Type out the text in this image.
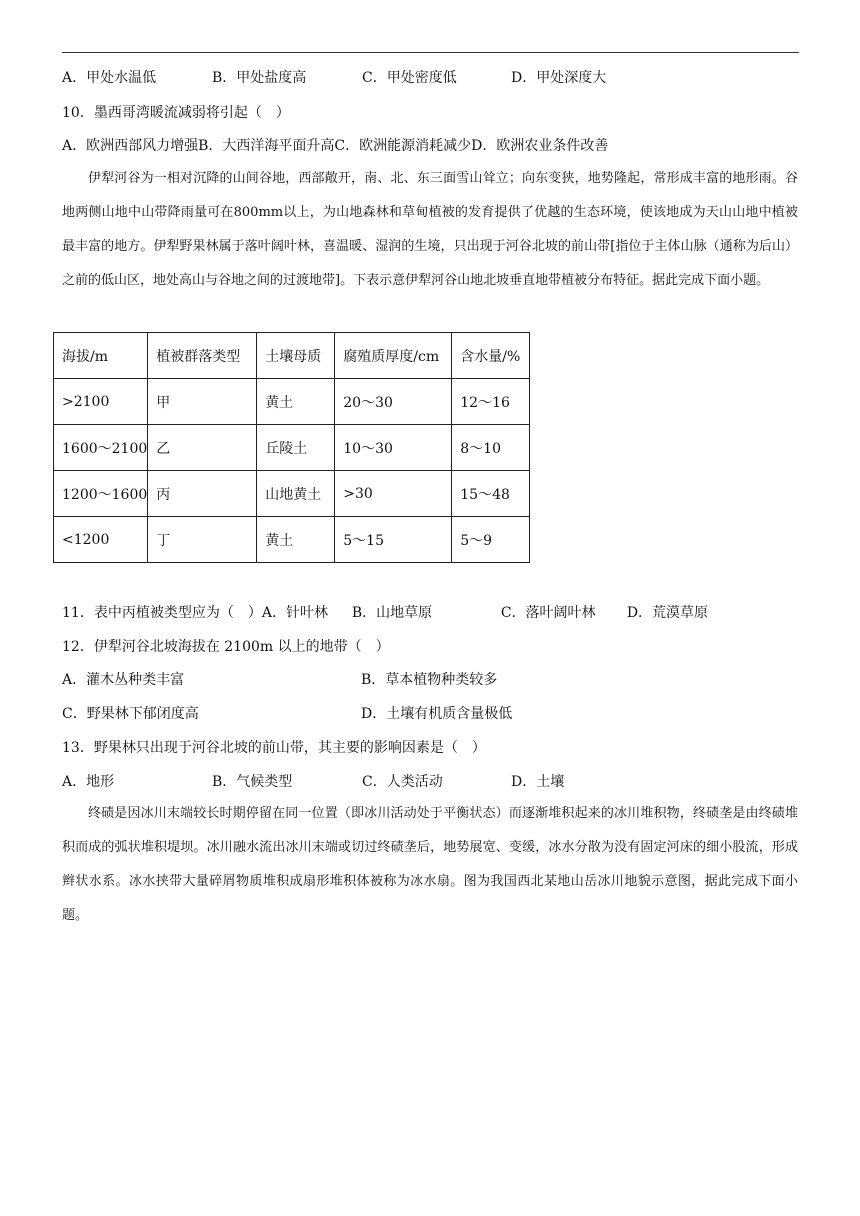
A．甲处水温低	B．甲处盐度高	C．甲处密度低	D．甲处深度大
10．墨西哥湾暖流减弱将引起（　）
A．欧洲西部风力增强B．大西洋海平面升高C．欧洲能源消耗减少D．欧洲农业条件改善
伊犁河谷为一相对沉降的山间谷地，西部敞开，南、北、东三面雪山耸立；向东变狭，地势隆起，常形成丰富的地形雨。谷地两侧山地中山带降雨量可在800mm以上，为山地森林和草甸植被的发育提供了优越的生态环境，使该地成为天山山地中植被最丰富的地方。伊犁野果林属于落叶阔叶林，喜温暖、湿润的生境，只出现于河谷北坡的前山带[指位于主体山脉（通称为后山）之前的低山区，地处高山与谷地之间的过渡地带]。下表示意伊犁河谷山地北坡垂直地带植被分布特征。据此完成下面小题。
海拔/m	植被群落类型	土壤母质	腐殖质厚度/cm	含水量/%
>2100	甲	黄土	20～30	12～16
1600～2100	乙	丘陵土	10～30	8～10
1200～1600	丙	山地黄土	>30	15～48
<1200	丁	黄土	5～15	5～9
11．表中丙植被类型应为（　）A．针叶林 B．山地草原	C．落叶阔叶林 D．荒漠草原
12．伊犁河谷北坡海拔在 2100m 以上的地带（　）
A．灌木丛种类丰富	B．草本植物种类较多
C．野果林下郁闭度高	D．土壤有机质含量极低
13．野果林只出现于河谷北坡的前山带，其主要的影响因素是（　）
A．地形	B．气候类型	C．人类活动	D．土壤
终碛是因冰川末端较长时期停留在同一位置（即冰川活动处于平衡状态）而逐渐堆积起来的冰川堆积物，终碛垄是由终碛堆积而成的弧状堆积堤坝。冰川融水流出冰川末端或切过终碛垄后，地势展宽、变缓，冰水分散为没有固定河床的细小股流，形成辫状水系。冰水挟带大量碎屑物质堆积成扇形堆积体被称为冰水扇。图为我国西北某地山岳冰川地貌示意图，据此完成下面小题。
